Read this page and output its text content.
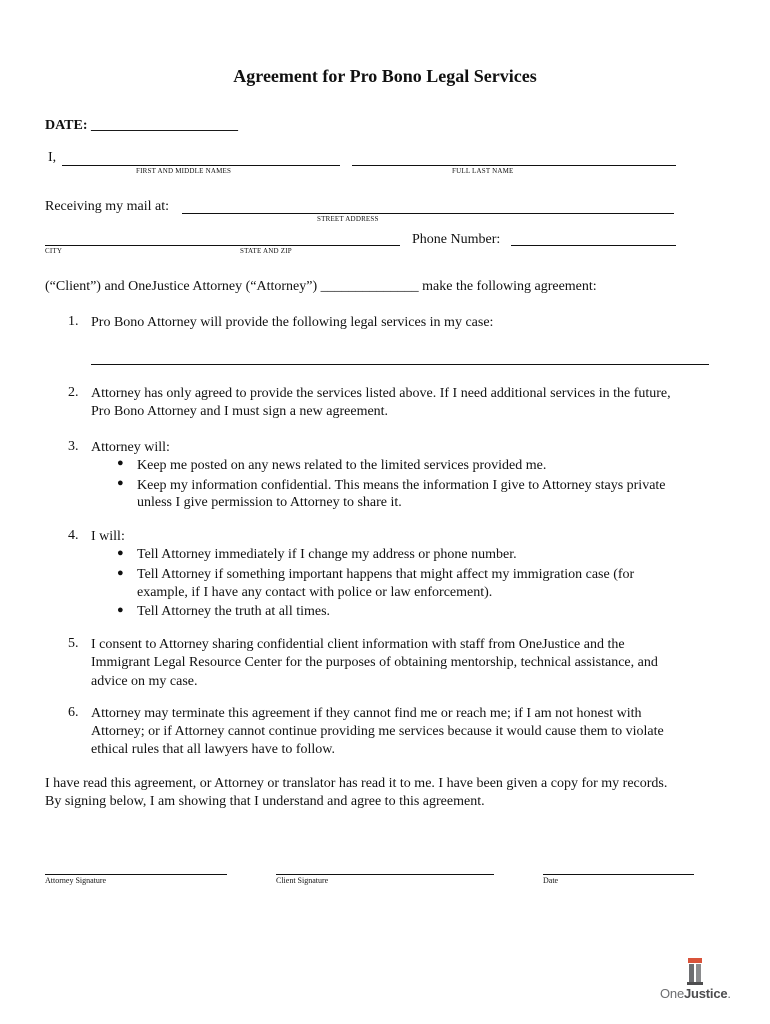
Agreement for Pro Bono Legal Services
DATE: _____________________
I,
FIRST AND MIDDLE NAMES	FULL LAST NAME
Receiving my mail at:
STREET ADDRESS
CITY	STATE AND ZIP
Phone Number:
(“Client”) and OneJustice Attorney (“Attorney”) ______________ make the following agreement:
1. Pro Bono Attorney will provide the following legal services in my case:
2. Attorney has only agreed to provide the services listed above. If I need additional services in the future,
Pro Bono Attorney and I must sign a new agreement.
3. Attorney will:
● Keep me posted on any news related to the limited services provided me.
● Keep my information confidential. This means the information I give to Attorney stays private
unless I give permission to Attorney to share it.
4. I will:
● Tell Attorney immediately if I change my address or phone number.
● Tell Attorney if something important happens that might affect my immigration case (for
example, if I have any contact with police or law enforcement).
● Tell Attorney the truth at all times.
5. I consent to Attorney sharing confidential client information with staff from OneJustice and the
Immigrant Legal Resource Center for the purposes of obtaining mentorship, technical assistance, and
advice on my case.
6. Attorney may terminate this agreement if they cannot find me or reach me; if I am not honest with
Attorney; or if Attorney cannot continue providing me services because it would cause them to violate
ethical rules that all lawyers have to follow.
I have read this agreement, or Attorney or translator has read it to me. I have been given a copy for my records.
By signing below, I am showing that I understand and agree to this agreement.
Attorney Signature	Client Signature	Date
OneJustice.
